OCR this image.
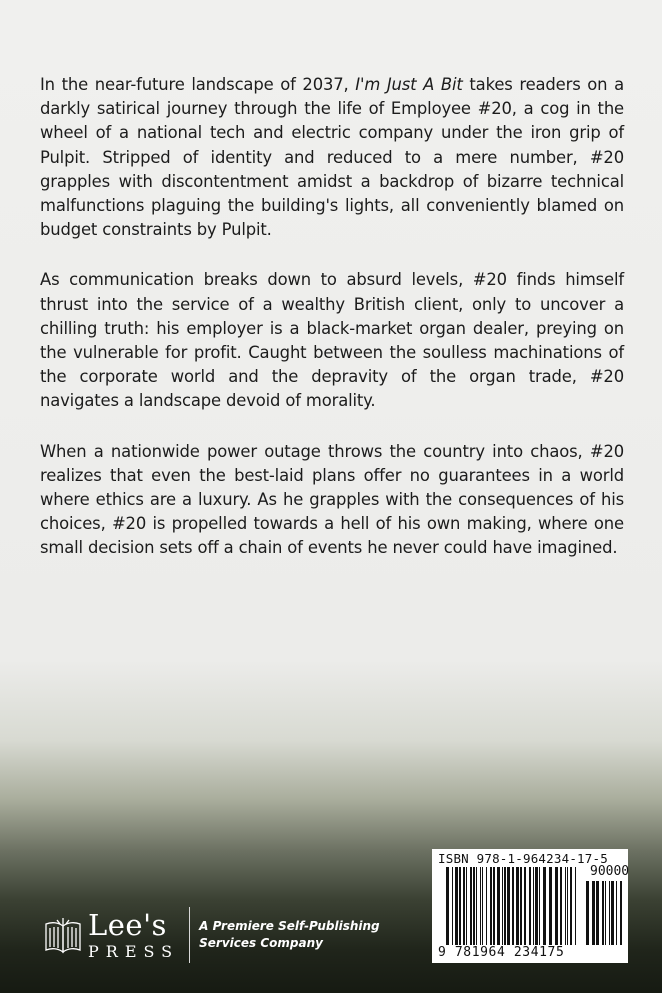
In the near-future landscape of 2037, I'm Just A Bit takes readers on a darkly satirical journey through the life of Employee #20, a cog in the wheel of a national tech and electric company under the iron grip of Pulpit. Stripped of identity and reduced to a mere number, #20 grapples with discontentment amidst a backdrop of bizarre technical malfunctions plaguing the building's lights, all conveniently blamed on budget constraints by Pulpit.

As communication breaks down to absurd levels, #20 finds himself thrust into the service of a wealthy British client, only to uncover a chilling truth: his employer is a black-market organ dealer, preying on the vulnerable for profit. Caught between the soulless machinations of the corporate world and the depravity of the organ trade, #20 navigates a landscape devoid of morality.

When a nationwide power outage throws the country into chaos, #20 realizes that even the best-laid plans offer no guarantees in a world where ethics are a luxury. As he grapples with the consequences of his choices, #20 is propelled towards a hell of his own making, where one small decision sets off a chain of events he never could have imagined.

Lee's
PRESS
A Premiere Self-Publishing
Services Company
ISBN 978-1-964234-17-5
90000
9 781964 234175
